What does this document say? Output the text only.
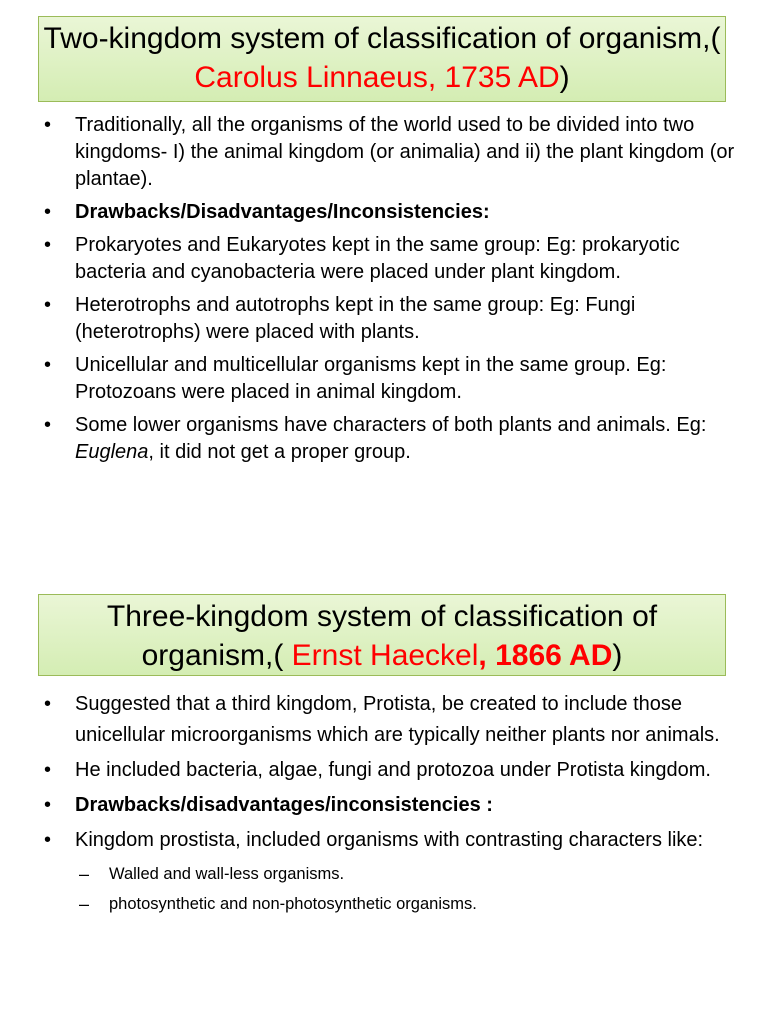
Two-kingdom system of classification of organism,( Carolus Linnaeus, 1735 AD)
• Traditionally, all the organisms of the world used to be divided into two kingdoms- I) the animal kingdom (or animalia) and ii) the plant kingdom (or plantae).
• Drawbacks/Disadvantages/Inconsistencies:
• Prokaryotes and Eukaryotes kept in the same group: Eg: prokaryotic bacteria and cyanobacteria were placed under plant kingdom.
• Heterotrophs and autotrophs kept in the same group: Eg: Fungi (heterotrophs) were placed with plants.
• Unicellular and multicellular organisms kept in the same group. Eg: Protozoans were placed in animal kingdom.
• Some lower organisms have characters of both plants and animals. Eg: Euglena, it did not get a proper group.
Three-kingdom system of classification of organism,( Ernst Haeckel, 1866 AD)
• Suggested that a third kingdom, Protista, be created to include those unicellular microorganisms which are typically neither plants nor animals.
• He included bacteria, algae, fungi and protozoa under Protista kingdom.
• Drawbacks/disadvantages/inconsistencies :
• Kingdom prostista, included organisms with contrasting characters like:
– Walled and wall-less organisms.
– photosynthetic and non-photosynthetic organisms.
